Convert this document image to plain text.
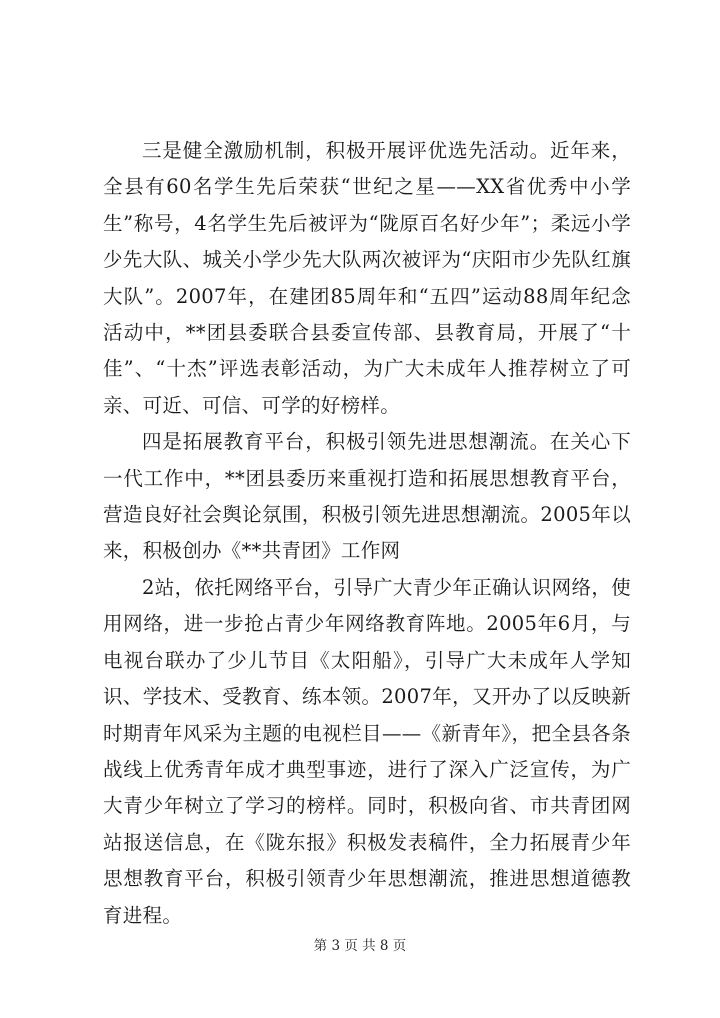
三是健全激励机制，积极开展评优选先活动。近年来，全县有60名学生先后荣获“世纪之星——XX省优秀中小学生”称号，4名学生先后被评为“陇原百名好少年”；柔远小学少先大队、城关小学少先大队两次被评为“庆阳市少先队红旗大队”。2007年，在建团85周年和“五四”运动88周年纪念活动中，**团县委联合县委宣传部、县教育局，开展了“十佳”、“十杰”评选表彰活动，为广大未成年人推荐树立了可亲、可近、可信、可学的好榜样。

四是拓展教育平台，积极引领先进思想潮流。在关心下一代工作中，**团县委历来重视打造和拓展思想教育平台，营造良好社会舆论氛围，积极引领先进思想潮流。2005年以来，积极创办《**共青团》工作网

2站，依托网络平台，引导广大青少年正确认识网络，使用网络，进一步抢占青少年网络教育阵地。2005年6月，与电视台联办了少儿节目《太阳船》，引导广大未成年人学知识、学技术、受教育、练本领。2007年，又开办了以反映新时期青年风采为主题的电视栏目——《新青年》，把全县各条战线上优秀青年成才典型事迹，进行了深入广泛宣传，为广大青少年树立了学习的榜样。同时，积极向省、市共青团网站报送信息，在《陇东报》积极发表稿件，全力拓展青少年思想教育平台，积极引领青少年思想潮流，推进思想道德教育进程。

第 3 页 共 8 页
